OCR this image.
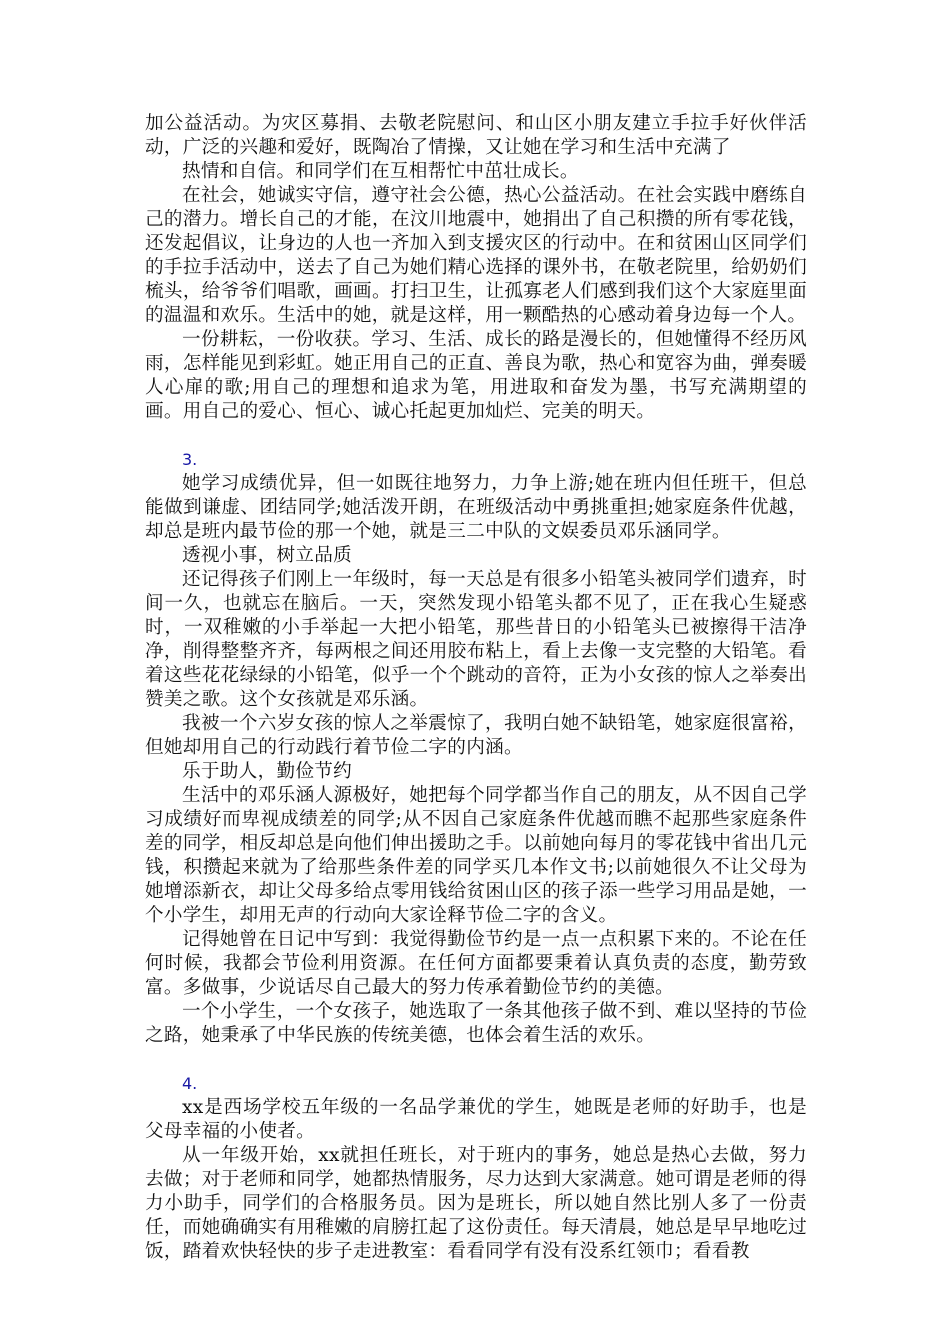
加公益活动。为灾区募捐、去敬老院慰问、和山区小朋友建立手拉手好伙伴活动，广泛的兴趣和爱好，既陶冶了情操，又让她在学习和生活中充满了

热情和自信。和同学们在互相帮忙中茁壮成长。

在社会，她诚实守信，遵守社会公德，热心公益活动。在社会实践中磨练自己的潜力。增长自己的才能，在汶川地震中，她捐出了自己积攒的所有零花钱，还发起倡议，让身边的人也一齐加入到支援灾区的行动中。在和贫困山区同学们的手拉手活动中，送去了自己为她们精心选择的课外书，在敬老院里，给奶奶们梳头，给爷爷们唱歌，画画。打扫卫生，让孤寡老人们感到我们这个大家庭里面的温温和欢乐。生活中的她，就是这样，用一颗酷热的心感动着身边每一个人。

一份耕耘，一份收获。学习、生活、成长的路是漫长的，但她懂得不经历风雨，怎样能见到彩虹。她正用自己的正直、善良为歌，热心和宽容为曲，弹奏暖人心扉的歌;用自己的理想和追求为笔，用进取和奋发为墨，书写充满期望的画。用自己的爱心、恒心、诚心托起更加灿烂、完美的明天。

3.

她学习成绩优异，但一如既往地努力，力争上游;她在班内但任班干，但总能做到谦虚、团结同学;她活泼开朗，在班级活动中勇挑重担;她家庭条件优越，却总是班内最节俭的那一个她，就是三二中队的文娱委员邓乐涵同学。

透视小事，树立品质

还记得孩子们刚上一年级时，每一天总是有很多小铅笔头被同学们遗弃，时间一久，也就忘在脑后。一天，突然发现小铅笔头都不见了，正在我心生疑惑时，一双稚嫩的小手举起一大把小铅笔，那些昔日的小铅笔头已被擦得干洁净净，削得整整齐齐，每两根之间还用胶布粘上，看上去像一支完整的大铅笔。看着这些花花绿绿的小铅笔，似乎一个个跳动的音符，正为小女孩的惊人之举奏出赞美之歌。这个女孩就是邓乐涵。

我被一个六岁女孩的惊人之举震惊了，我明白她不缺铅笔，她家庭很富裕，但她却用自己的行动践行着节俭二字的内涵。

乐于助人，勤俭节约

生活中的邓乐涵人源极好，她把每个同学都当作自己的朋友，从不因自己学习成绩好而卑视成绩差的同学;从不因自己家庭条件优越而瞧不起那些家庭条件差的同学，相反却总是向他们伸出援助之手。以前她向每月的零花钱中省出几元钱，积攒起来就为了给那些条件差的同学买几本作文书;以前她很久不让父母为她增添新衣，却让父母多给点零用钱给贫困山区的孩子添一些学习用品是她，一个小学生，却用无声的行动向大家诠释节俭二字的含义。

记得她曾在日记中写到：我觉得勤俭节约是一点一点积累下来的。不论在任何时候，我都会节俭利用资源。在任何方面都要秉着认真负责的态度，勤劳致富。多做事，少说话尽自己最大的努力传承着勤俭节约的美德。

一个小学生，一个女孩子，她选取了一条其他孩子做不到、难以坚持的节俭之路，她秉承了中华民族的传统美德，也体会着生活的欢乐。

4.

xx是西场学校五年级的一名品学兼优的学生，她既是老师的好助手，也是父母幸福的小使者。

从一年级开始，xx就担任班长，对于班内的事务，她总是热心去做，努力去做；对于老师和同学，她都热情服务，尽力达到大家满意。她可谓是老师的得力小助手，同学们的合格服务员。因为是班长，所以她自然比别人多了一份责任，而她确确实有用稚嫩的肩膀扛起了这份责任。每天清晨，她总是早早地吃过饭，踏着欢快轻快的步子走进教室：看看同学有没有没系红领巾；看看教
